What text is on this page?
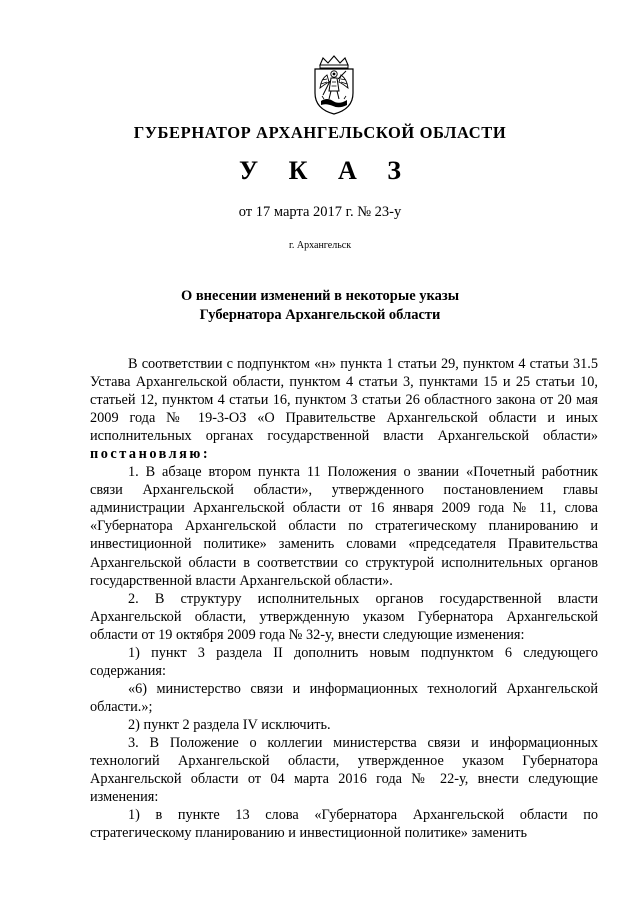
ГУБЕРНАТОР АРХАНГЕЛЬСКОЙ ОБЛАСТИ
У К А З
от 17 марта 2017 г. № 23-у
г. Архангельск
О внесении изменений в некоторые указы
Губернатора Архангельской области

В соответствии с подпунктом «н» пункта 1 статьи 29, пунктом 4 статьи 31.5 Устава Архангельской области, пунктом 4 статьи 3, пунктами 15 и 25 статьи 10, статьей 12, пунктом 4 статьи 16, пунктом 3 статьи 26 областного закона от 20 мая 2009 года № 19-3-ОЗ «О Правительстве Архангельской области и иных исполнительных органах государственной власти Архангельской области» постановляю:

1. В абзаце втором пункта 11 Положения о звании «Почетный работник связи Архангельской области», утвержденного постановлением главы администрации Архангельской области от 16 января 2009 года № 11, слова «Губернатора Архангельской области по стратегическому планированию и инвестиционной политике» заменить словами «председателя Правительства Архангельской области в соответствии со структурой исполнительных органов государственной власти Архангельской области».

2. В структуру исполнительных органов государственной власти Архангельской области, утвержденную указом Губернатора Архангельской области от 19 октября 2009 года № 32-у, внести следующие изменения:

1) пункт 3 раздела II дополнить новым подпунктом 6 следующего содержания:

«6) министерство связи и информационных технологий Архангельской области.»;

2) пункт 2 раздела IV исключить.

3. В Положение о коллегии министерства связи и информационных технологий Архангельской области, утвержденное указом Губернатора Архангельской области от 04 марта 2016 года № 22-у, внести следующие изменения:

1) в пункте 13 слова «Губернатора Архангельской области по стратегическому планированию и инвестиционной политике» заменить
